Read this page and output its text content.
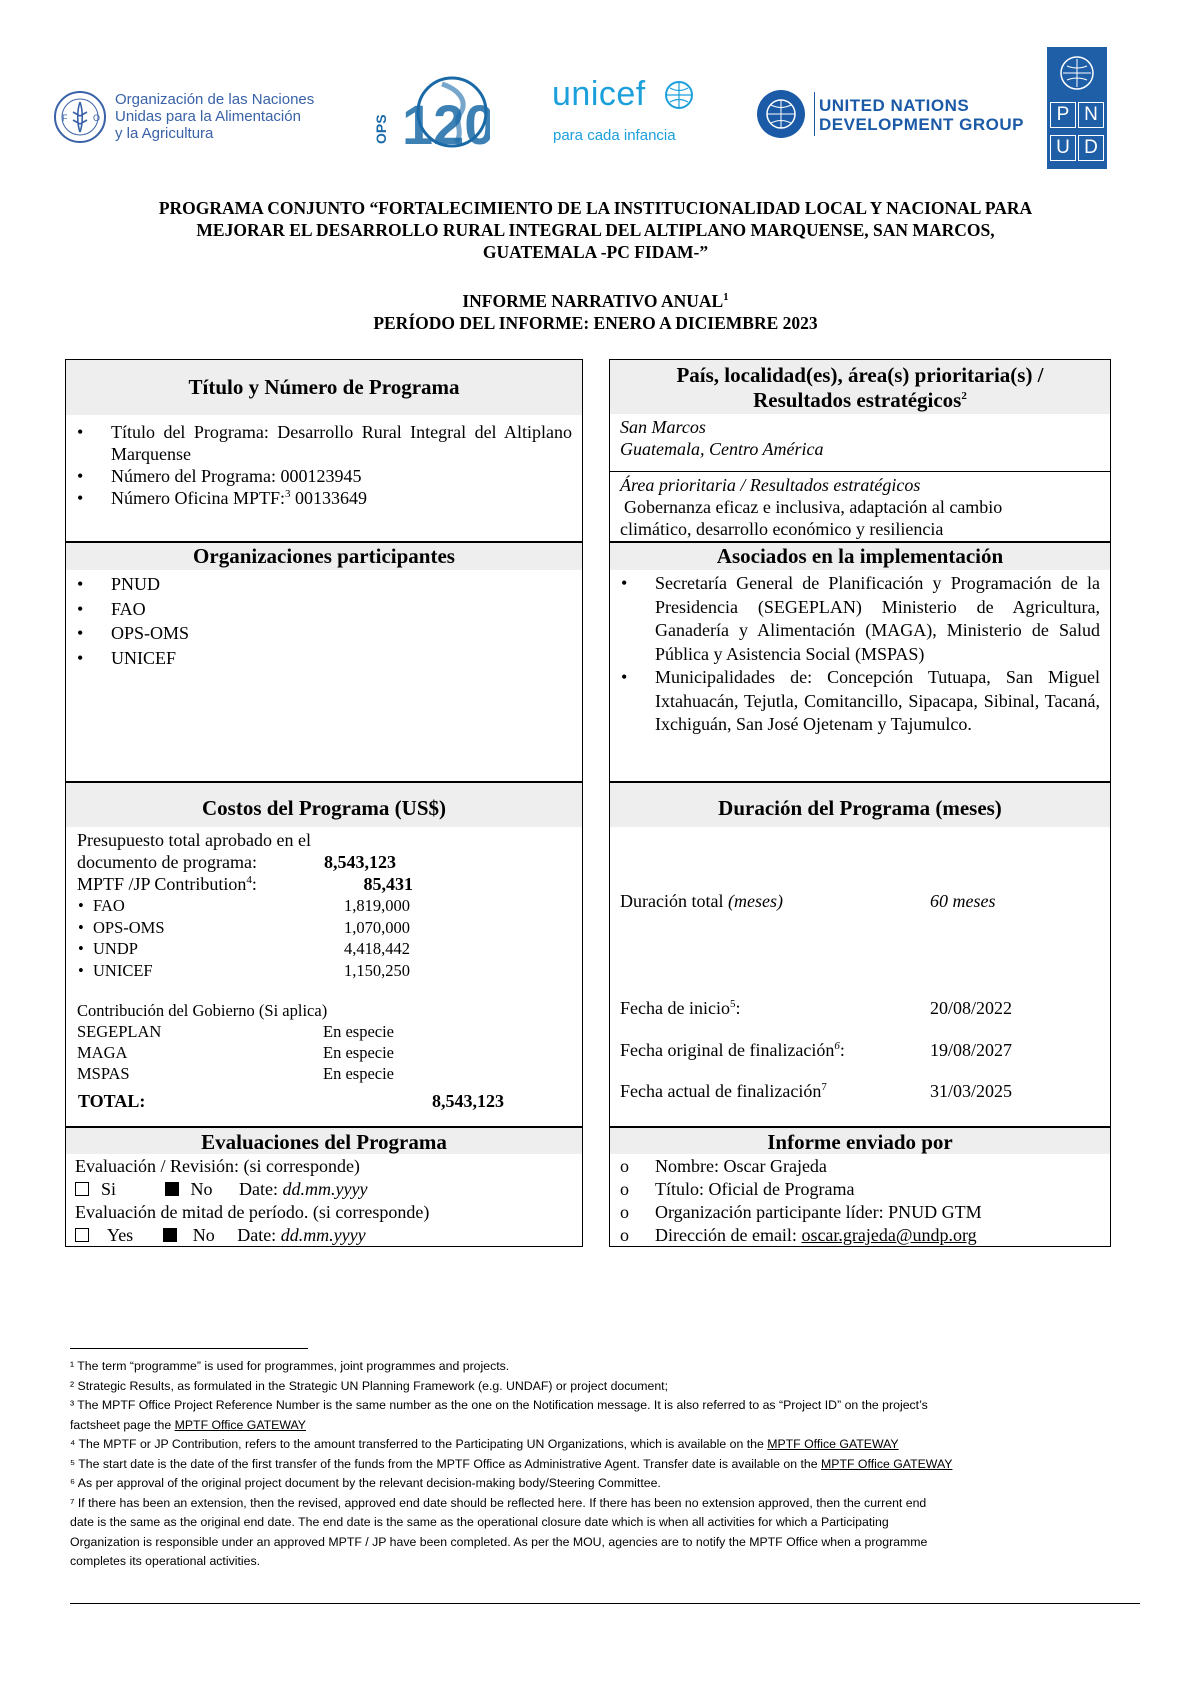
F	O
Organización de las Naciones
Unidas para la Alimentación
y la Agricultura	120
OPS
unicef
para cada infancia
UNITED NATIONS
DEVELOPMENT GROUP	P N
U D
PROGRAMA CONJUNTO “FORTALECIMIENTO DE LA INSTITUCIONALIDAD LOCAL Y NACIONAL PARA
MEJORAR EL DESARROLLO RURAL INTEGRAL DEL ALTIPLANO MARQUENSE, SAN MARCOS,
GUATEMALA -PC FIDAM-”
INFORME NARRATIVO ANUAL$^1$
PERÍODO DEL INFORME: ENERO A DICIEMBRE 2023
Título y Número de Programa
• Título del Programa: Desarrollo Rural Integral del Altiplano Marquense
• Número del Programa: 000123945
• Número Oficina MPTF:$^3$ 00133649
País, localidad(es), área(s) prioritaria(s) /
Resultados estratégicos$^2$
San Marcos
Guatemala, Centro América
Área prioritaria / Resultados estratégicos
Gobernanza eficaz e inclusiva, adaptación al cambio
climático, desarrollo económico y resiliencia
Organizaciones participantes
• PNUD
• FAO
• OPS-OMS
• UNICEF
Asociados en la implementación
• Secretaría General de Planificación y Programación de la Presidencia (SEGEPLAN) Ministerio de Agricultura, Ganadería y Alimentación (MAGA), Ministerio de Salud Pública y Asistencia Social (MSPAS)
• Municipalidades de: Concepción Tutuapa, San Miguel Ixtahuacán, Tejutla, Comitancillo, Sipacapa, Sibinal, Tacaná, Ixchiguán, San José Ojetenam y Tajumulco.
Costos del Programa (US$)
Presupuesto total aprobado en el
documento de programa:	8,543,123
MPTF /JP Contribution$^4$:	85,431
• FAO	1,819,000
• OPS-OMS	1,070,000
• UNDP	4,418,442
• UNICEF	1,150,250
Contribución del Gobierno (Si aplica)
SEGEPLAN	En especie
MAGA	En especie
MSPAS	En especie
TOTAL:	8,543,123
Duración del Programa (meses)
Duración total (meses)	60 meses
Fecha de inicio$^5$:	20/08/2022
Fecha original de finalización$^6$:	19/08/2027
Fecha actual de finalización$^7$	31/03/2025
Evaluaciones del Programa
Evaluación / Revisión: (si corresponde)
Si	No Date: dd.mm.yyyy
Evaluación de mitad de período. (si corresponde)
Yes	No Date: dd.mm.yyyy
Informe enviado por
o Nombre: Oscar Grajeda
o Título: Oficial de Programa
o Organización participante líder: PNUD GTM
o Dirección de email: oscar.grajeda@undp.org
¹ The term “programme” is used for programmes, joint programmes and projects.
² Strategic Results, as formulated in the Strategic UN Planning Framework (e.g. UNDAF) or project document;
³ The MPTF Office Project Reference Number is the same number as the one on the Notification message. It is also referred to as “Project ID” on the project’s
factsheet page the MPTF Office GATEWAY
⁴ The MPTF or JP Contribution, refers to the amount transferred to the Participating UN Organizations, which is available on the MPTF Office GATEWAY
⁵ The start date is the date of the first transfer of the funds from the MPTF Office as Administrative Agent. Transfer date is available on the MPTF Office GATEWAY
⁶ As per approval of the original project document by the relevant decision-making body/Steering Committee.
⁷ If there has been an extension, then the revised, approved end date should be reflected here. If there has been no extension approved, then the current end
date is the same as the original end date. The end date is the same as the operational closure date which is when all activities for which a Participating
Organization is responsible under an approved MPTF / JP have been completed. As per the MOU, agencies are to notify the MPTF Office when a programme
completes its operational activities.
